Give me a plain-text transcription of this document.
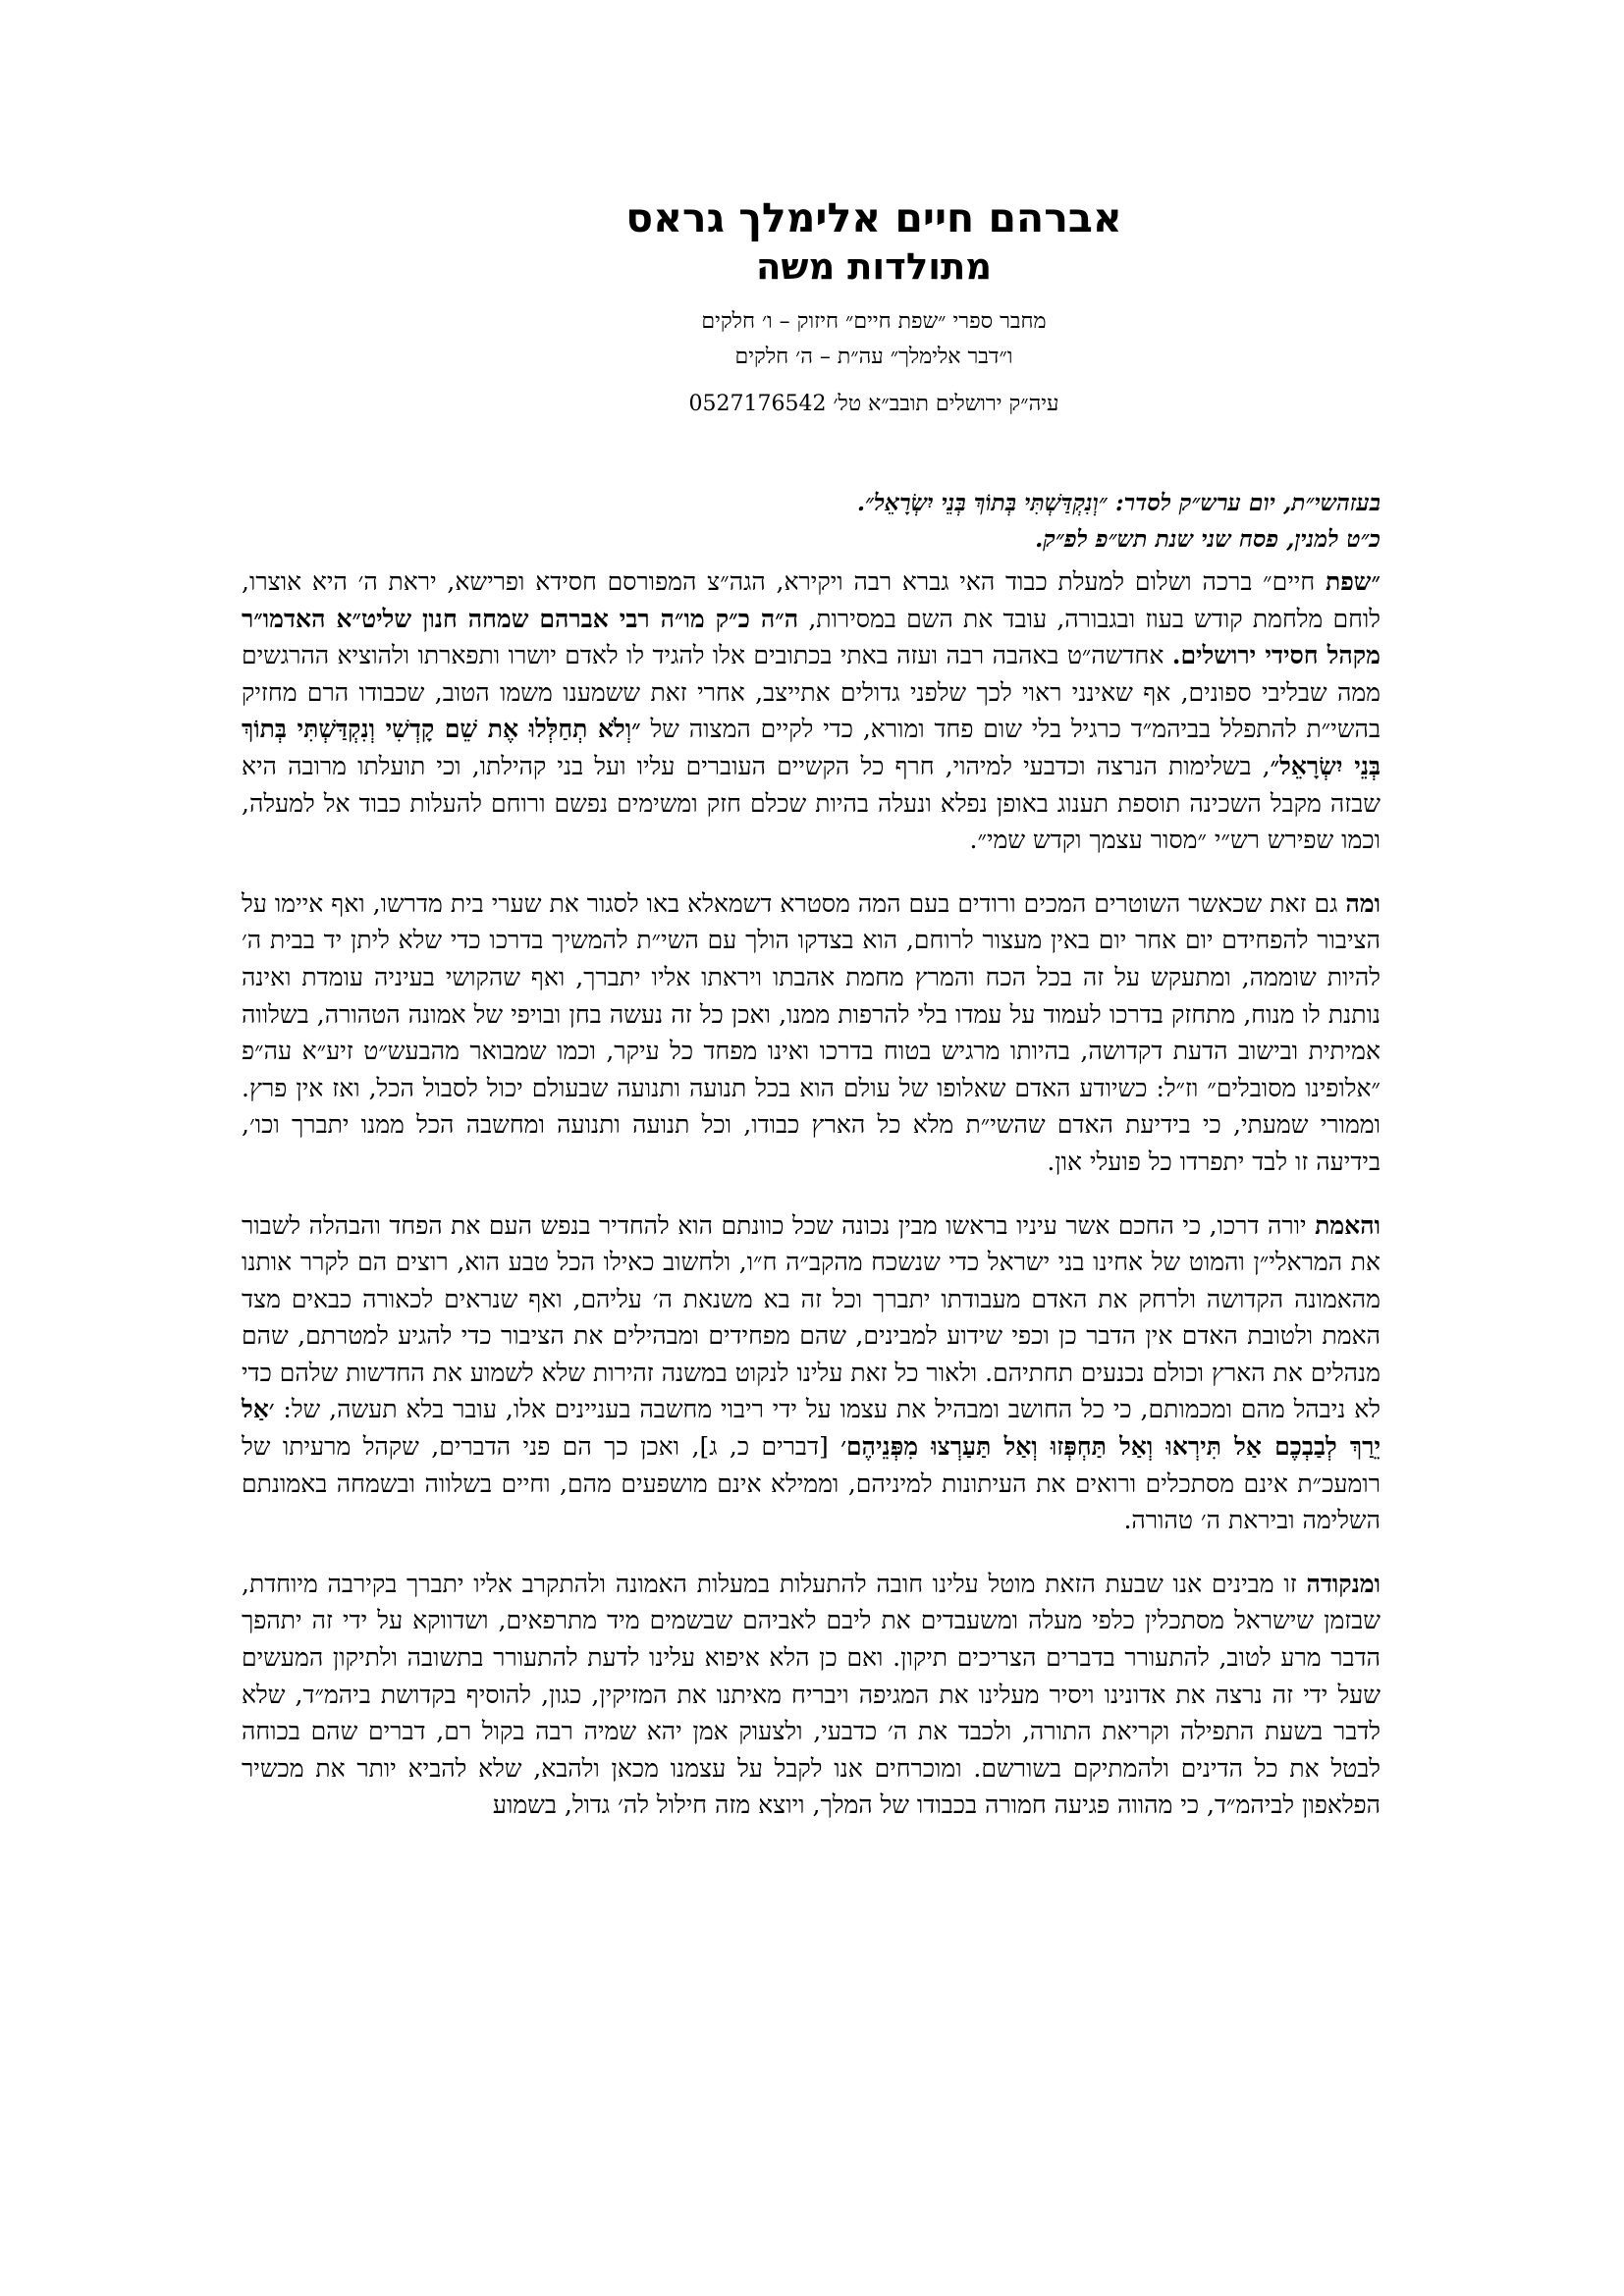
אברהם חיים אלימלך גראס
מתולדות משה
מחבר ספרי ״שפת חיים״ חיזוק – ו׳ חלקים
ו״דבר אלימלך״ עה״ת – ה׳ חלקים
עיה״ק ירושלים תובב״א טל׳ 0527176542
בעזהשי״ת, יום ערש״ק לסדר: ״וְנִקְדַּשְׁתִּי בְּתוֹךְ בְּנֵי יִשְׂרָאֵל״.
כ״ט למנין, פסח שני שנת תש״פ לפ״ק.

״שפת חיים״ ברכה ושלום למעלת כבוד האי גברא רבה ויקירא, הגה״צ המפורסם חסידא ופרישא, יראת ה׳ היא אוצרו, לוחם מלחמת קודש בעוז ובגבורה, עובד את השם במסירות, ה״ה כ״ק מו״ה רבי אברהם שמחה חנון שליט״א האדמו״ר מקהל חסידי ירושלים. אחדשה״ט באהבה רבה ועזה באתי בכתובים אלו להגיד לו לאדם יושרו ותפארתו ולהוציא ההרגשים ממה שבליבי ספונים, אף שאינני ראוי לכך שלפני גדולים אתייצב, אחרי זאת ששמענו משמו הטוב, שכבודו הרם מחזיק בהשי״ת להתפלל בביהמ״ד כרגיל בלי שום פחד ומורא, כדי לקיים המצוה של ״וְלֹא תְחַלְּלוּ אֶת שֵׁם קָדְשִׁי וְנִקְדַּשְׁתִּי בְּתוֹךְ בְּנֵי יִשְׂרָאֵל״, בשלימות הנרצה וכדבעי למיהוי, חרף כל הקשיים העוברים עליו ועל בני קהילתו, וכי תועלתו מרובה היא שבזה מקבל השכינה תוספת תענוג באופן נפלא ונעלה בהיות שכלם חזק ומשימים נפשם ורוחם להעלות כבוד אל למעלה, וכמו שפירש רש״י ״מסור עצמך וקדש שמי״.

ומה גם זאת שכאשר השוטרים המכים ורודים בעם המה מסטרא דשמאלא באו לסגור את שערי בית מדרשו, ואף איימו על הציבור להפחידם יום אחר יום באין מעצור לרוחם, הוא בצדקו הולך עם השי״ת להמשיך בדרכו כדי שלא ליתן יד בבית ה׳ להיות שוממה, ומתעקש על זה בכל הכח והמרץ מחמת אהבתו ויראתו אליו יתברך, ואף שהקושי בעיניה עומדת ואינה נותנת לו מנוח, מתחזק בדרכו לעמוד על עמדו בלי להרפות ממנו, ואכן כל זה נעשה בחן ובויפי של אמונה הטהורה, בשלווה אמיתית ובישוב הדעת דקדושה, בהיותו מרגיש בטוח בדרכו ואינו מפחד כל עיקר, וכמו שמבואר מהבעש״ט זיע״א עה״פ ״אלופינו מסובלים״ וז״ל: כשיודע האדם שאלופו של עולם הוא בכל תנועה ותנועה שבעולם יכול לסבול הכל, ואז אין פרץ. וממורי שמעתי, כי בידיעת האדם שהשי״ת מלא כל הארץ כבודו, וכל תנועה ותנועה ומחשבה הכל ממנו יתברך וכו׳, בידיעה זו לבד יתפרדו כל פועלי און.

והאמת יורה דרכו, כי החכם אשר עיניו בראשו מבין נכונה שכל כוונתם הוא להחדיר בנפש העם את הפחד והבהלה לשבור את המראלי״ן והמוט של אחינו בני ישראל כדי שנשכח מהקב״ה ח״ו, ולחשוב כאילו הכל טבע הוא, רוצים הם לקרר אותנו מהאמונה הקדושה ולרחק את האדם מעבודתו יתברך וכל זה בא משנאת ה׳ עליהם, ואף שנראים לכאורה כבאים מצד האמת ולטובת האדם אין הדבר כן וכפי שידוע למבינים, שהם מפחידים ומבהילים את הציבור כדי להגיע למטרתם, שהם מנהלים את הארץ וכולם נכנעים תחתיהם. ולאור כל זאת עלינו לנקוט במשנה זהירות שלא לשמוע את החדשות שלהם כדי לא ניבהל מהם ומכמותם, כי כל החושב ומבהיל את עצמו על ידי ריבוי מחשבה בעניינים אלו, עובר בלא תעשה, של: ׳אַל יֵרַךְ לְבַבְכֶם אַל תִּירְאוּ וְאַל תַּחְפְּזוּ וְאַל תַּעַרְצוּ מִפְּנֵיהֶם׳ [דברים כ, ג], ואכן כך הם פני הדברים, שקהל מרעיתו של רומעכ״ת אינם מסתכלים ורואים את העיתונות למיניהם, וממילא אינם מושפעים מהם, וחיים בשלווה ובשמחה באמונתם השלימה וביראת ה׳ טהורה.

ומנקודה זו מבינים אנו שבעת הזאת מוטל עלינו חובה להתעלות במעלות האמונה ולהתקרב אליו יתברך בקירבה מיוחדת, שבזמן שישראל מסתכלין כלפי מעלה ומשעבדים את ליבם לאביהם שבשמים מיד מתרפאים, ושדווקא על ידי זה יתהפך הדבר מרע לטוב, להתעורר בדברים הצריכים תיקון. ואם כן הלא איפוא עלינו לדעת להתעורר בתשובה ולתיקון המעשים שעל ידי זה נרצה את אדונינו ויסיר מעלינו את המגיפה ויבריח מאיתנו את המזיקין, כגון, להוסיף בקדושת ביהמ״ד, שלא לדבר בשעת התפילה וקריאת התורה, ולכבד את ה׳ כדבעי, ולצעוק אמן יהא שמיה רבה בקול רם, דברים שהם בכוחה לבטל את כל הדינים ולהמתיקם בשורשם. ומוכרחים אנו לקבל על עצמנו מכאן ולהבא, שלא להביא יותר את מכשיר הפלאפון לביהמ״ד, כי מהווה פגיעה חמורה בכבודו של המלך, ויוצא מזה חילול לה׳ גדול, בשמוע
